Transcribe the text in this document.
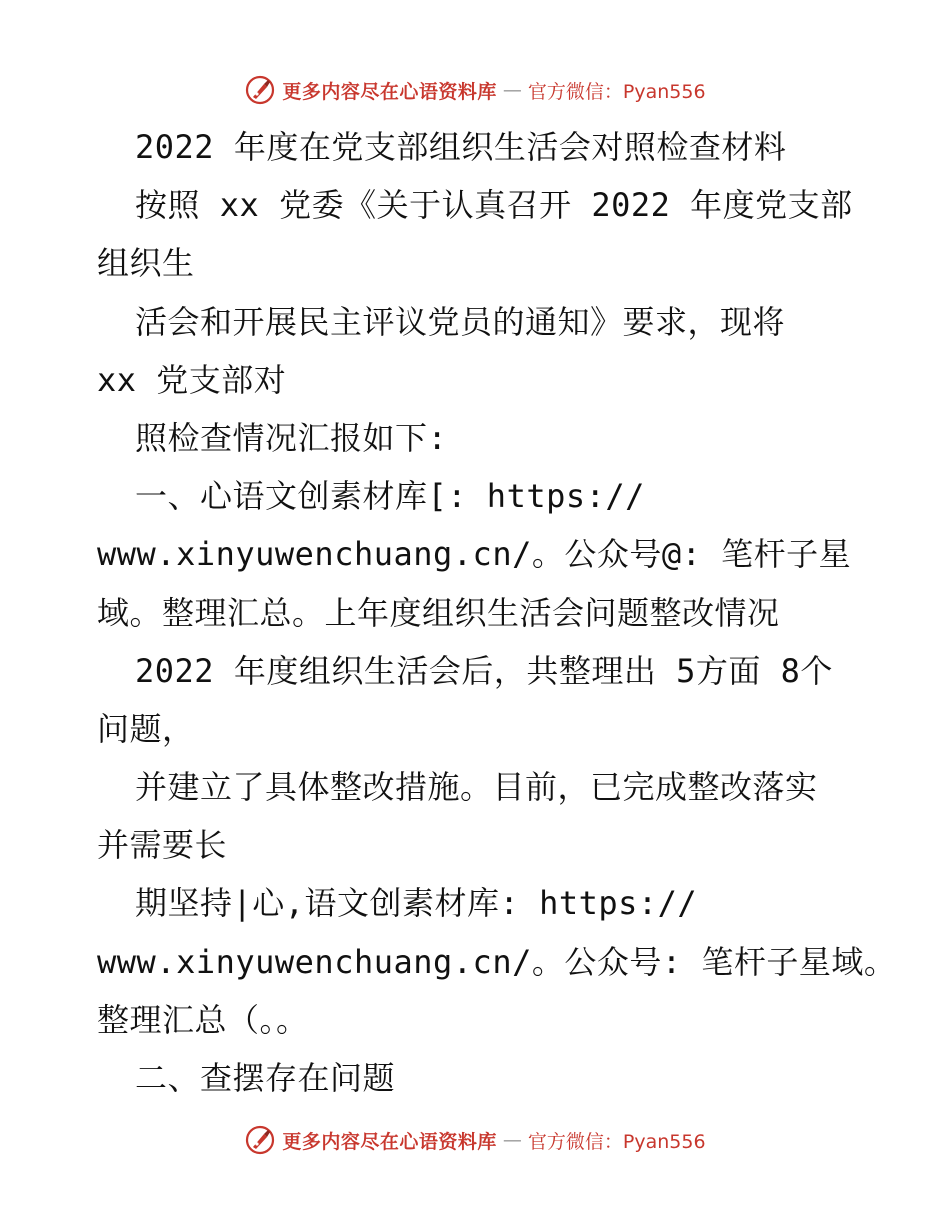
更多内容尽在心语资料库 — 官方微信：Pyan556
2022 年度在党支部组织生活会对照检查材料
按照 xx 党委《关于认真召开 2022 年度党支部
组织生
活会和开展民主评议党员的通知》要求，现将
xx 党支部对
照检查情况汇报如下:
一、心语文创素材库[: https://
www.xinyuwenchuang.cn/。公众号@: 笔杆子星
域。整理汇总。上年度组织生活会问题整改情况
2022 年度组织生活会后，共整理出 5方面 8个
问题，
并建立了具体整改措施。目前，已完成整改落实
并需要长
期坚持|心,语文创素材库: https://
www.xinyuwenchuang.cn/。公众号: 笔杆子星域。
整理汇总（。。
二、查摆存在问题
更多内容尽在心语资料库 — 官方微信：Pyan556
